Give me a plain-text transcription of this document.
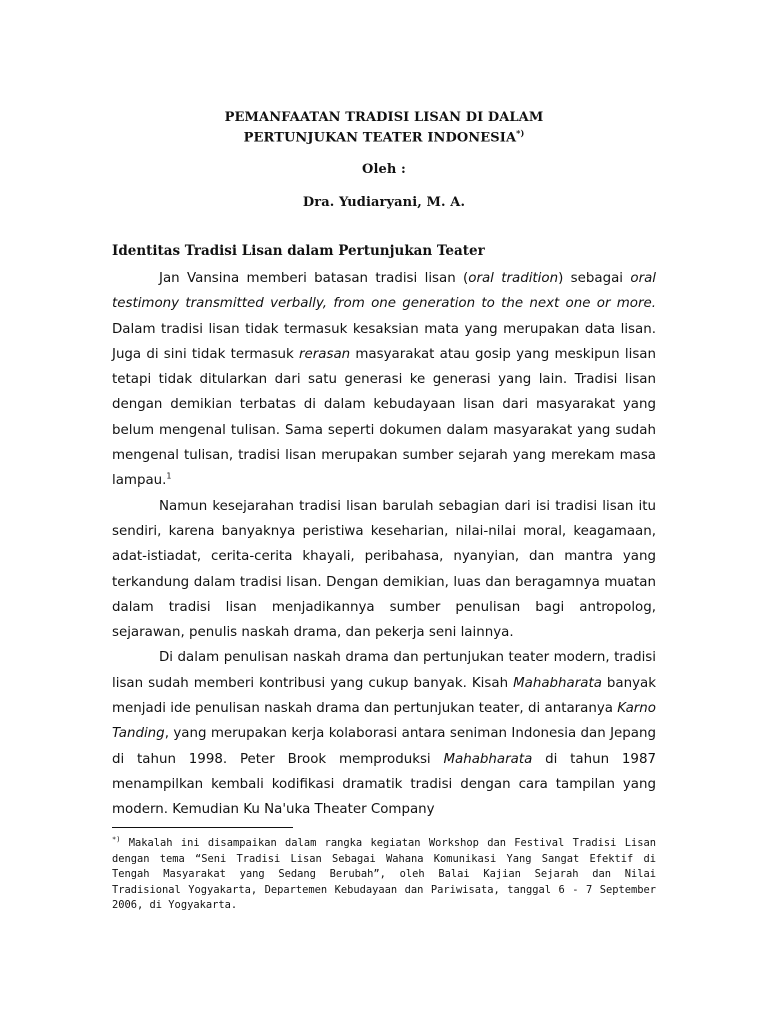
PEMANFAATAN TRADISI LISAN DI DALAM
PERTUNJUKAN TEATER INDONESIA*)
Oleh :
Dra. Yudiaryani, M. A.
Identitas Tradisi Lisan dalam Pertunjukan Teater

Jan Vansina memberi batasan tradisi lisan (oral tradition) sebagai oral testimony transmitted verbally, from one generation to the next one or more. Dalam tradisi lisan tidak termasuk kesaksian mata yang merupakan data lisan. Juga di sini tidak termasuk rerasan masyarakat atau gosip yang meskipun lisan tetapi tidak ditularkan dari satu generasi ke generasi yang lain. Tradisi lisan dengan demikian terbatas di dalam kebudayaan lisan dari masyarakat yang belum mengenal tulisan. Sama seperti dokumen dalam masyarakat yang sudah mengenal tulisan, tradisi lisan merupakan sumber sejarah yang merekam masa lampau.$^1$

Namun kesejarahan tradisi lisan barulah sebagian dari isi tradisi lisan itu sendiri, karena banyaknya peristiwa keseharian, nilai-nilai moral, keagamaan, adat-istiadat, cerita-cerita khayali, peribahasa, nyanyian, dan mantra yang terkandung dalam tradisi lisan. Dengan demikian, luas dan beragamnya muatan dalam tradisi lisan menjadikannya sumber penulisan bagi antropolog, sejarawan, penulis naskah drama, dan pekerja seni lainnya.

Di dalam penulisan naskah drama dan pertunjukan teater modern, tradisi lisan sudah memberi kontribusi yang cukup banyak. Kisah Mahabharata banyak menjadi ide penulisan naskah drama dan pertunjukan teater, di antaranya Karno Tanding, yang merupakan kerja kolaborasi antara seniman Indonesia dan Jepang di tahun 1998. Peter Brook memproduksi Mahabharata di tahun 1987 menampilkan kembali kodifikasi dramatik tradisi dengan cara tampilan yang modern. Kemudian Ku Na'uka Theater Company

*) Makalah ini disampaikan dalam rangka kegiatan Workshop dan Festival Tradisi Lisan dengan tema “Seni Tradisi Lisan Sebagai Wahana Komunikasi Yang Sangat Efektif di Tengah Masyarakat yang Sedang Berubah”, oleh Balai Kajian Sejarah dan Nilai Tradisional Yogyakarta, Departemen Kebudayaan dan Pariwisata, tanggal 6 - 7 September 2006, di Yogyakarta.
